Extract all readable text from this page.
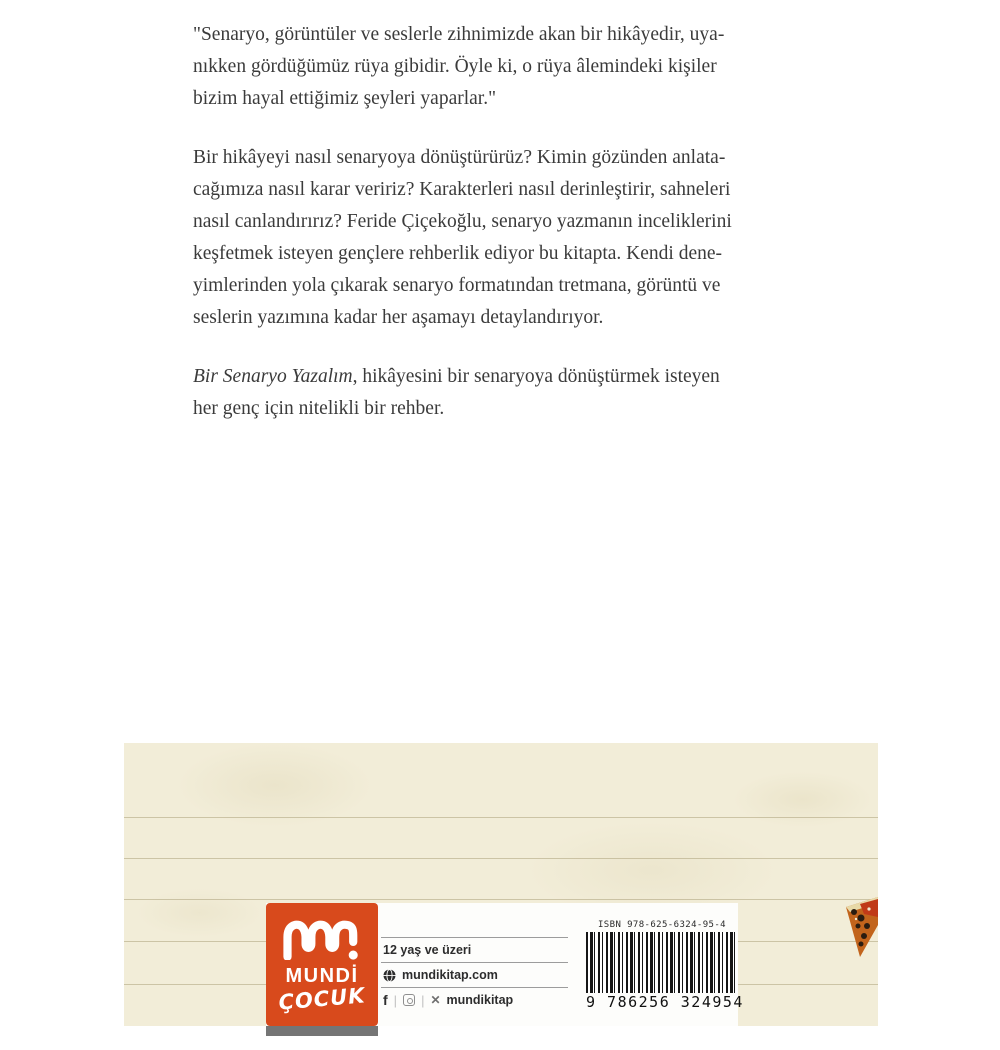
"Senaryo, görüntüler ve seslerle zihnimizde akan bir hikâyedir, uya-
nıkken gördüğümüz rüya gibidir. Öyle ki, o rüya âlemindeki kişiler
bizim hayal ettiğimiz şeyleri yaparlar."
Bir hikâyeyi nasıl senaryoya dönüştürürüz? Kimin gözünden anlata-
cağımıza nasıl karar veririz? Karakterleri nasıl derinleştirir, sahneleri
nasıl canlandırırız? Feride Çiçekoğlu, senaryo yazmanın inceliklerini
keşfetmek isteyen gençlere rehberlik ediyor bu kitapta. Kendi dene-
yimlerinden yola çıkarak senaryo formatından tretmana, görüntü ve
seslerin yazımına kadar her aşamayı detaylandırıyor.
Bir Senaryo Yazalım, hikâyesini bir senaryoya dönüştürmek isteyen
her genç için nitelikli bir rehber.
MUNDİ
ÇOCUK
12 yaş ve üzeri
mundikitap.com
f | | ✕ mundikitap
ISBN 978-625-6324-95-4
9 786256 324954
